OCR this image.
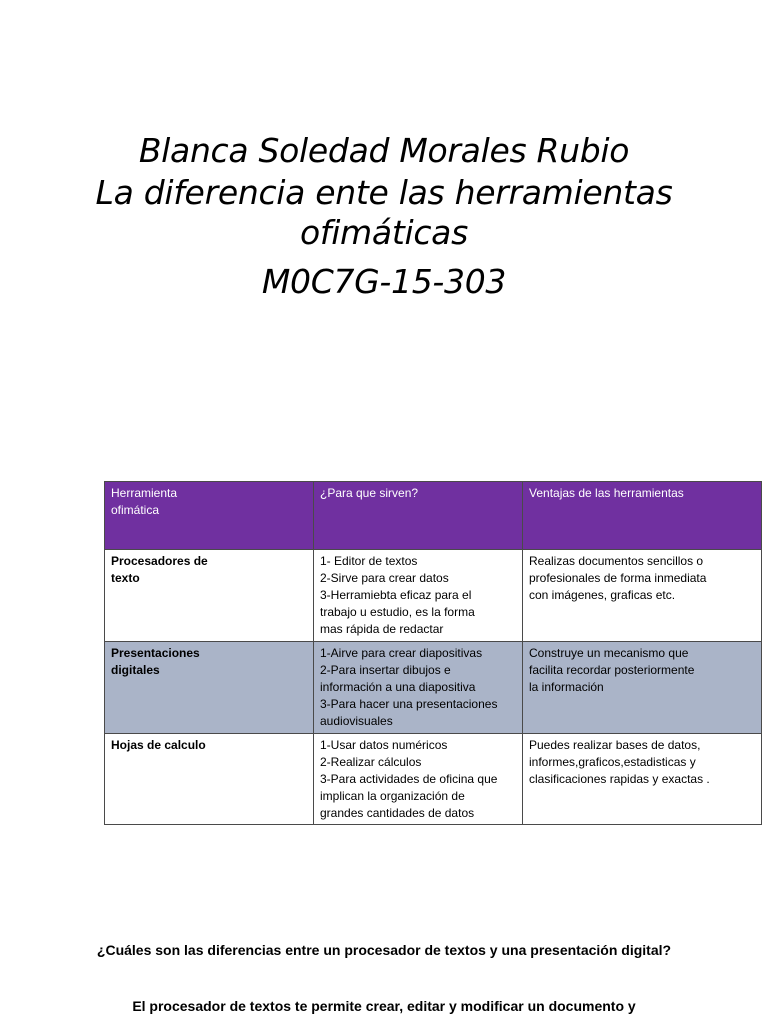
Blanca Soledad Morales Rubio
La diferencia ente las herramientas
ofimáticas
M0C7G-15-303
Herramienta
ofimática	¿Para que sirven?	Ventajas de las herramientas

Procesadores de
texto	1- Editor de textos
2-Sirve para crear datos
3-Herramiebta eficaz para el
trabajo u estudio, es la forma
mas rápida de redactar	Realizas documentos sencillos o
profesionales de forma inmediata
con imágenes, graficas etc.

Presentaciones
digitales	1-Airve para crear diapositivas
2-Para insertar dibujos e
información a una diapositiva
3-Para hacer una presentaciones
audiovisuales	Construye un mecanismo que
facilita recordar posteriormente
la información

Hojas de calculo	1-Usar datos numéricos
2-Realizar cálculos
3-Para actividades de oficina que
implican la organización de
grandes cantidades de datos	Puedes realizar bases de datos,
informes,graficos,estadisticas y
clasificaciones rapidas y exactas .
¿Cuáles son las diferencias entre un procesador de textos y una presentación digital?
El procesador de textos te permite crear, editar y modificar un documento y
